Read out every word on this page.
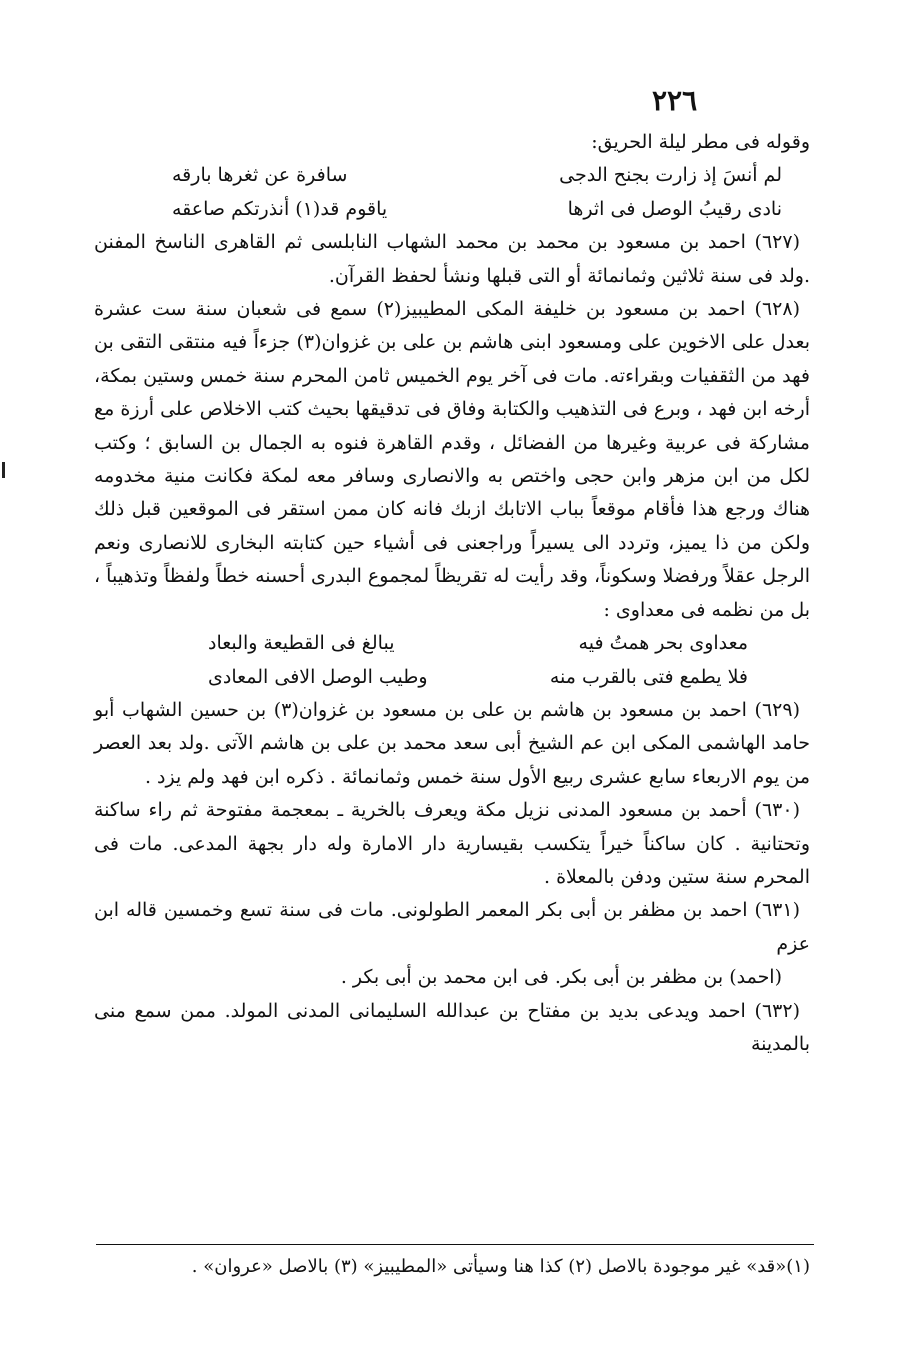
٢٢٦

وقوله فى مطر ليلة الحريق:

لم أنسَ إذ زارت بجنح الدجى
سافرة عن ثغرها بارقه
نادى رقيبُ الوصل فى اثرها
ياقوم قد(١) أنذرتكم صاعقه

(٦٢٧) احمد بن مسعود بن محمد بن محمد الشهاب النابلسى ثم القاهرى الناسخ المفنن .ولد فى سنة ثلاثين وثمانمائة أو التى قبلها ونشأ لحفظ القرآن.

(٦٢٨) احمد بن مسعود بن خليفة المكى المطيبيز(٢) سمع فى شعبان سنة ست عشرة بعدل على الاخوين على ومسعود ابنى هاشم بن على بن غزوان(٣) جزءاً فيه منتقى التقى بن فهد من الثقفيات وبقراءته. مات فى آخر يوم الخميس ثامن المحرم سنة خمس وستين بمكة، أرخه ابن فهد ، وبرع فى التذهيب والكتابة وفاق فى تدقيقها بحيث كتب الاخلاص على أرزة مع مشاركة فى عربية وغيرها من الفضائل ، وقدم القاهرة فنوه به الجمال بن السابق ؛ وكتب لكل من ابن مزهر وابن حجى واختص به والانصارى وسافر معه لمكة فكانت منية مخدومه هناك ورجع هذا فأقام موقعاً بباب الاتابك ازبك فانه كان ممن استقر فى الموقعين قبل ذلك ولكن من ذا يميز، وتردد الى يسيراً وراجعنى فى أشياء حين كتابته البخارى للانصارى ونعم الرجل عقلاً ورفضلا وسكوناً، وقد رأيت له تقريظاً لمجموع البدرى أحسنه خطاً ولفظاً وتذهيباً ، بل من نظمه فى معداوى :

معداوى بحر همتُ فيه
يبالغ فى القطيعة والبعاد
فلا يطمع فتى بالقرب منه
وطيب الوصل الافى المعادى

(٦٢٩) احمد بن مسعود بن هاشم بن على بن مسعود بن غزوان(٣) بن حسين الشهاب أبو حامد الهاشمى المكى ابن عم الشيخ أبى سعد محمد بن على بن هاشم الآتى .ولد بعد العصر من يوم الاربعاء سابع عشرى ربيع الأول سنة خمس وثمانمائة . ذكره ابن فهد ولم يزد .

(٦٣٠) أحمد بن مسعود المدنى نزيل مكة ويعرف بالخرية ـ بمعجمة مفتوحة ثم راء ساكنة وتحتانية . كان ساكناً خيراً يتكسب بقيسارية دار الامارة وله دار بجهة المدعى. مات فى المحرم سنة ستين ودفن بالمعلاة .

(٦٣١) احمد بن مظفر بن أبى بكر المعمر الطولونى. مات فى سنة تسع وخمسين قاله ابن عزم

(احمد) بن مظفر بن أبى بكر. فى ابن محمد بن أبى بكر .

(٦٣٢) احمد ويدعى بديد بن مفتاح بن عبدالله السليمانى المدنى المولد. ممن سمع منى بالمدينة

(١)«قد» غير موجودة بالاصل (٢) كذا هنا وسيأتى «المطيبيز» (٣) بالاصل «عروان» .
